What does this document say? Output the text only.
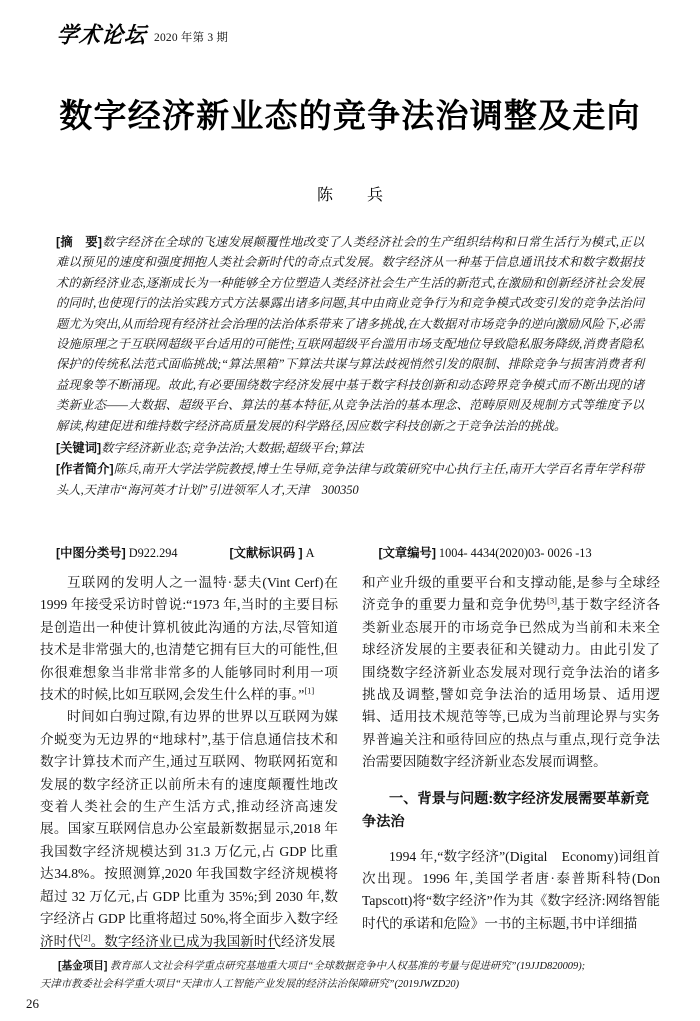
学术论坛 2020 年第 3 期
数字经济新业态的竞争法治调整及走向
陈　兵

[摘　要]数字经济在全球的飞速发展颠覆性地改变了人类经济社会的生产组织结构和日常生活行为模式,正以难以预见的速度和强度拥抱人类社会新时代的奇点式发展。数字经济从一种基于信息通讯技术和数字数据技术的新经济业态,逐渐成长为一种能够全方位塑造人类经济社会生产生活的新范式,在激励和创新经济社会发展的同时,也使现行的法治实践方式方法暴露出诸多问题,其中由商业竞争行为和竞争模式改变引发的竞争法治问题尤为突出,从而给现有经济社会治理的法治体系带来了诸多挑战,在大数据对市场竞争的逆向激励风险下,必需设施原理之于互联网超级平台适用的可能性;互联网超级平台滥用市场支配地位导致隐私服务降级,消费者隐私保护的传统私法范式面临挑战;“算法黑箱”下算法共谋与算法歧视悄然引发的限制、排除竞争与损害消费者利益现象等不断涌现。故此,有必要围绕数字经济发展中基于数字科技创新和动态跨界竞争模式而不断出现的诸类新业态——大数据、超级平台、算法的基本特征,从竞争法治的基本理念、范畴原则及规制方式等维度予以解读,构建促进和维持数字经济高质量发展的科学路径,因应数字科技创新之于竞争法治的挑战。

[关键词]数字经济新业态;竞争法治;大数据;超级平台;算法

[作者简介]陈兵,南开大学法学院教授,博士生导师,竞争法律与政策研究中心执行主任,南开大学百名青年学科带头人,天津市“海河英才计划”引进领军人才,天津　300350

[中图分类号] D922.294	[文献标识码 ] A	[文章编号] 1004- 4434(2020)03- 0026 -13

互联网的发明人之一温特·瑟夫(Vint Cerf)在1999 年接受采访时曾说:“1973 年,当时的主要目标是创造出一种使计算机彼此沟通的方法,尽管知道技术是非常强大的,也清楚它拥有巨大的可能性,但你很难想象当非常非常多的人能够同时利用一项技术的时候,比如互联网,会发生什么样的事。”[1]

时间如白驹过隙,有边界的世界以互联网为媒介蜕变为无边界的“地球村”,基于信息通信技术和数字计算技术而产生,通过互联网、物联网拓宽和发展的数字经济正以前所未有的速度颠覆性地改变着人类社会的生产生活方式,推动经济高速发展。国家互联网信息办公室最新数据显示,2018 年我国数字经济规模达到 31.3 万亿元,占 GDP 比重达34.8%。按照测算,2020 年我国数字经济规模将超过 32 万亿元,占 GDP 比重为 35%;到 2030 年,数字经济占 GDP 比重将超过 50%,将全面步入数字经济时代[2]。数字经济业已成为我国新时代经济发展

和产业升级的重要平台和支撑动能,是参与全球经济竞争的重要力量和竞争优势[3],基于数字经济各类新业态展开的市场竞争已然成为当前和未来全球经济发展的主要表征和关键动力。由此引发了围绕数字经济新业态发展对现行竞争法治的诸多挑战及调整,譬如竞争法治的适用场景、适用逻辑、适用技术规范等等,已成为当前理论界与实务界普遍关注和亟待回应的热点与重点,现行竞争法治需要因随数字经济新业态发展而调整。

一、背景与问题:数字经济发展需要革新竞争法治

1994 年,“数字经济”(Digital　Economy)词组首次出现。1996 年,美国学者唐·泰普斯科特(Don Tapscott)将“数字经济”作为其《数字经济:网络智能时代的承诺和危险》一书的主标题,书中详细描

[基金项目] 教育部人文社会科学重点研究基地重大项目“全球数据竞争中人权基准的考量与促进研究”(19JJD820009);
天津市教委社会科学重大项目“天津市人工智能产业发展的经济法治保障研究”(2019JWZD20)
26
